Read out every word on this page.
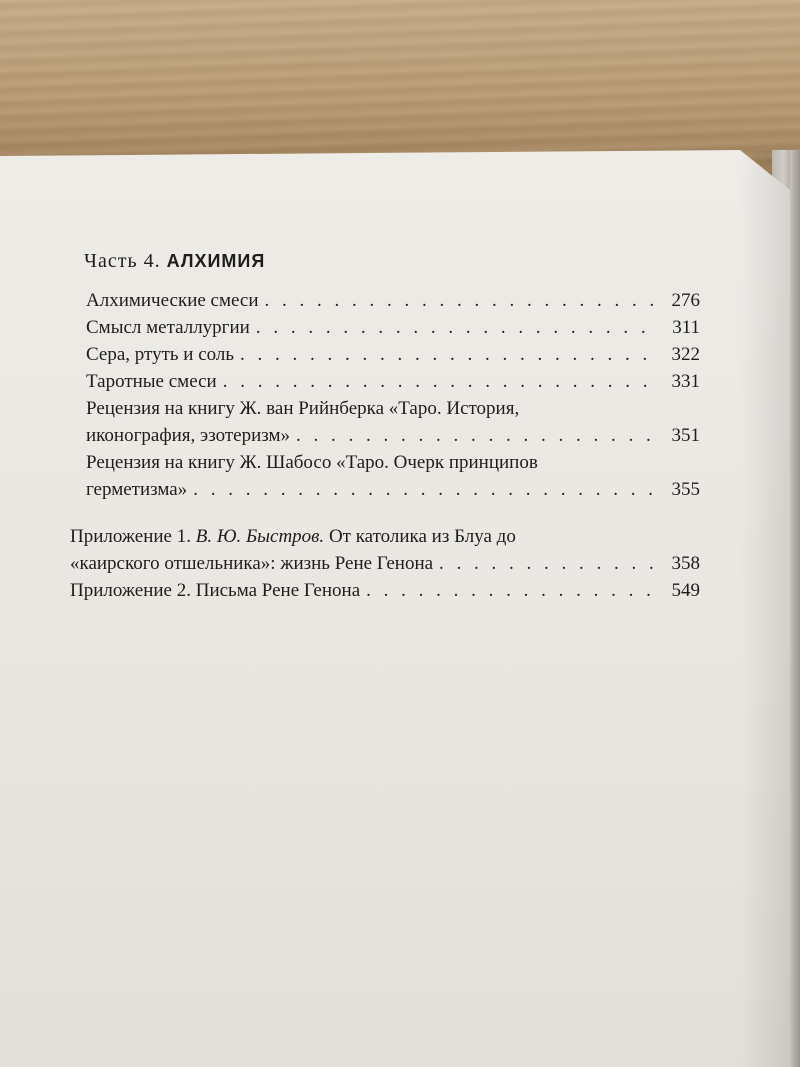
Часть 4. АЛХИМИЯ
Алхимические смеси . . .	276
Смысл металлургии . . .	311
Сера, ртуть и соль . . .	322
Таротные смеси . . .	331
Рецензия на книгу Ж. ван Рийнберка «Таро. История,
иконография, эзотеризм» . . .	351
Рецензия на книгу Ж. Шабосо «Таро. Очерк принципов
герметизма» . . .	355
Приложение 1. В. Ю. Быстров. От католика из Блуа до
«каирского отшельника»: жизнь Рене Генона . . .	358
Приложение 2. Письма Рене Генона . . .	549
